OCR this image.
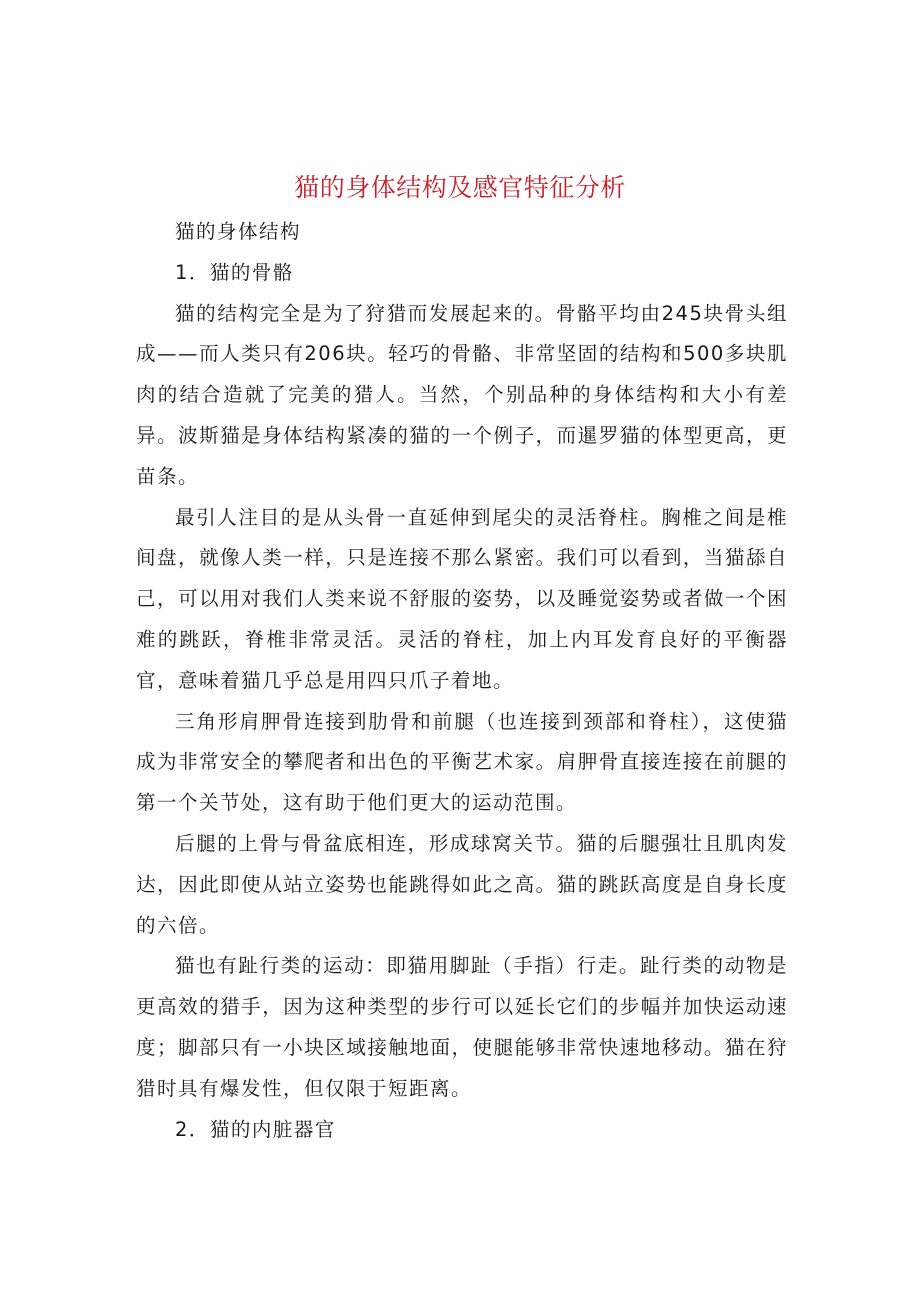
猫的身体结构及感官特征分析

猫的身体结构

1．猫的骨骼

猫的结构完全是为了狩猎而发展起来的。骨骼平均由245块骨头组成——而人类只有206块。轻巧的骨骼、非常坚固的结构和500多块肌肉的结合造就了完美的猎人。当然，个别品种的身体结构和大小有差异。波斯猫是身体结构紧凑的猫的一个例子，而暹罗猫的体型更高，更苗条。

最引人注目的是从头骨一直延伸到尾尖的灵活脊柱。胸椎之间是椎间盘，就像人类一样，只是连接不那么紧密。我们可以看到，当猫舔自己，可以用对我们人类来说不舒服的姿势，以及睡觉姿势或者做一个困难的跳跃，脊椎非常灵活。灵活的脊柱，加上内耳发育良好的平衡器官，意味着猫几乎总是用四只爪子着地。

三角形肩胛骨连接到肋骨和前腿（也连接到颈部和脊柱），这使猫成为非常安全的攀爬者和出色的平衡艺术家。肩胛骨直接连接在前腿的第一个关节处，这有助于他们更大的运动范围。

后腿的上骨与骨盆底相连，形成球窝关节。猫的后腿强壮且肌肉发达，因此即使从站立姿势也能跳得如此之高。猫的跳跃高度是自身长度的六倍。

猫也有趾行类的运动：即猫用脚趾（手指）行走。趾行类的动物是更高效的猎手，因为这种类型的步行可以延长它们的步幅并加快运动速度；脚部只有一小块区域接触地面，使腿能够非常快速地移动。猫在狩猎时具有爆发性，但仅限于短距离。

2．猫的内脏器官
